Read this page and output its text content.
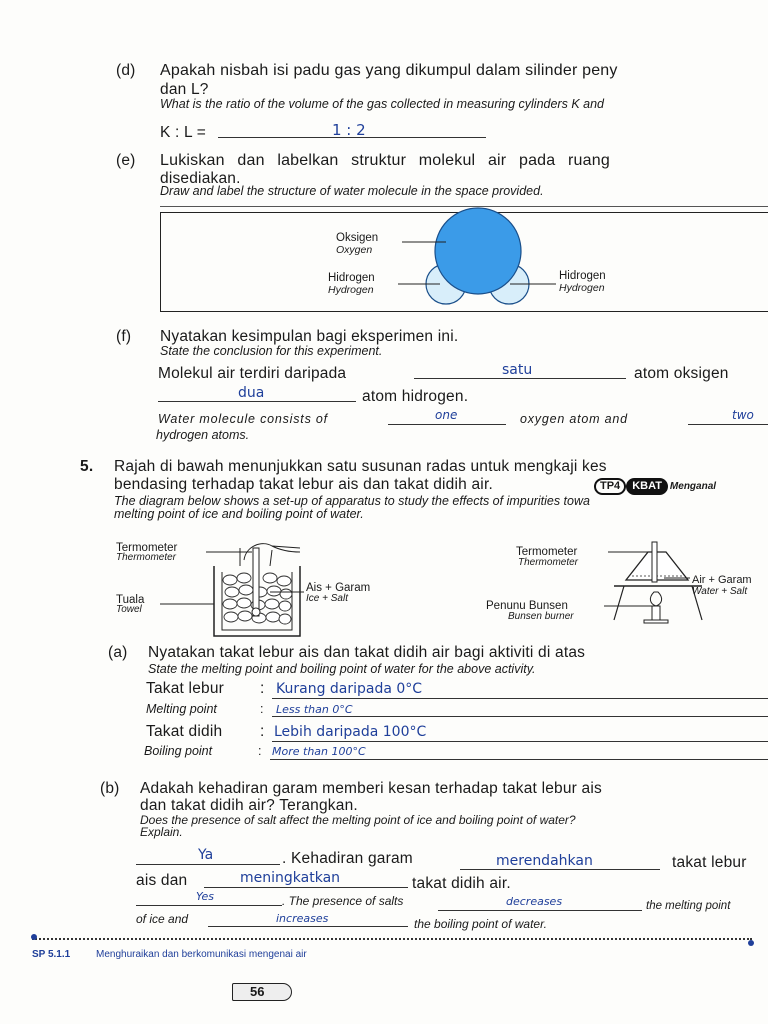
(d) Apakah nisbah isi padu gas yang dikumpul dalam silinder peny
dan L?
What is the ratio of the volume of the gas collected in measuring cylinders K and
K : L =	1 : 2
(e) Lukiskan dan labelkan struktur molekul air pada ruang
disediakan.
Draw and label the structure of water molecule in the space provided.
Oksigen
Oxygen
Hidrogen
Hydrogen
Hidrogen
Hydrogen
(f) Nyatakan kesimpulan bagi eksperimen ini.
State the conclusion for this experiment.
Molekul air terdiri daripada	satu	atom oksigen
dua	atom hidrogen.
Water molecule consists of	one	oxygen atom and	two
hydrogen atoms.
5. Rajah di bawah menunjukkan satu susunan radas untuk mengkaji kes
bendasing terhadap takat lebur ais dan takat didih air.	TP4 KBAT Menganal
The diagram below shows a set-up of apparatus to study the effects of impurities towa
melting point of ice and boiling point of water.
Termometer
Thermometer
Tuala
Towel
Ais + Garam
Ice + Salt
Termometer
Thermometer
Air + Garam
Water + Salt
Penunu Bunsen
Bunsen burner
(a) Nyatakan takat lebur ais dan takat didih air bagi aktiviti di atas
State the melting point and boiling point of water for the above activity.
Takat lebur : Kurang daripada 0°C
Melting point	: Less than 0°C
Takat didih : Lebih daripada 100°C
Boiling point	: More than 100°C
(b) Adakah kehadiran garam memberi kesan terhadap takat lebur ais
dan takat didih air? Terangkan.
Does the presence of salt affect the melting point of ice and boiling point of water?
Explain.
Ya	. Kehadiran garam	merendahkan	takat lebur
ais dan	meningkatkan	takat didih air.
Yes	. The presence of salts	decreases	the melting point
of ice and	increases	the boiling point of water.
SP 5.1.1	Menghuraikan dan berkomunikasi mengenai air
56
